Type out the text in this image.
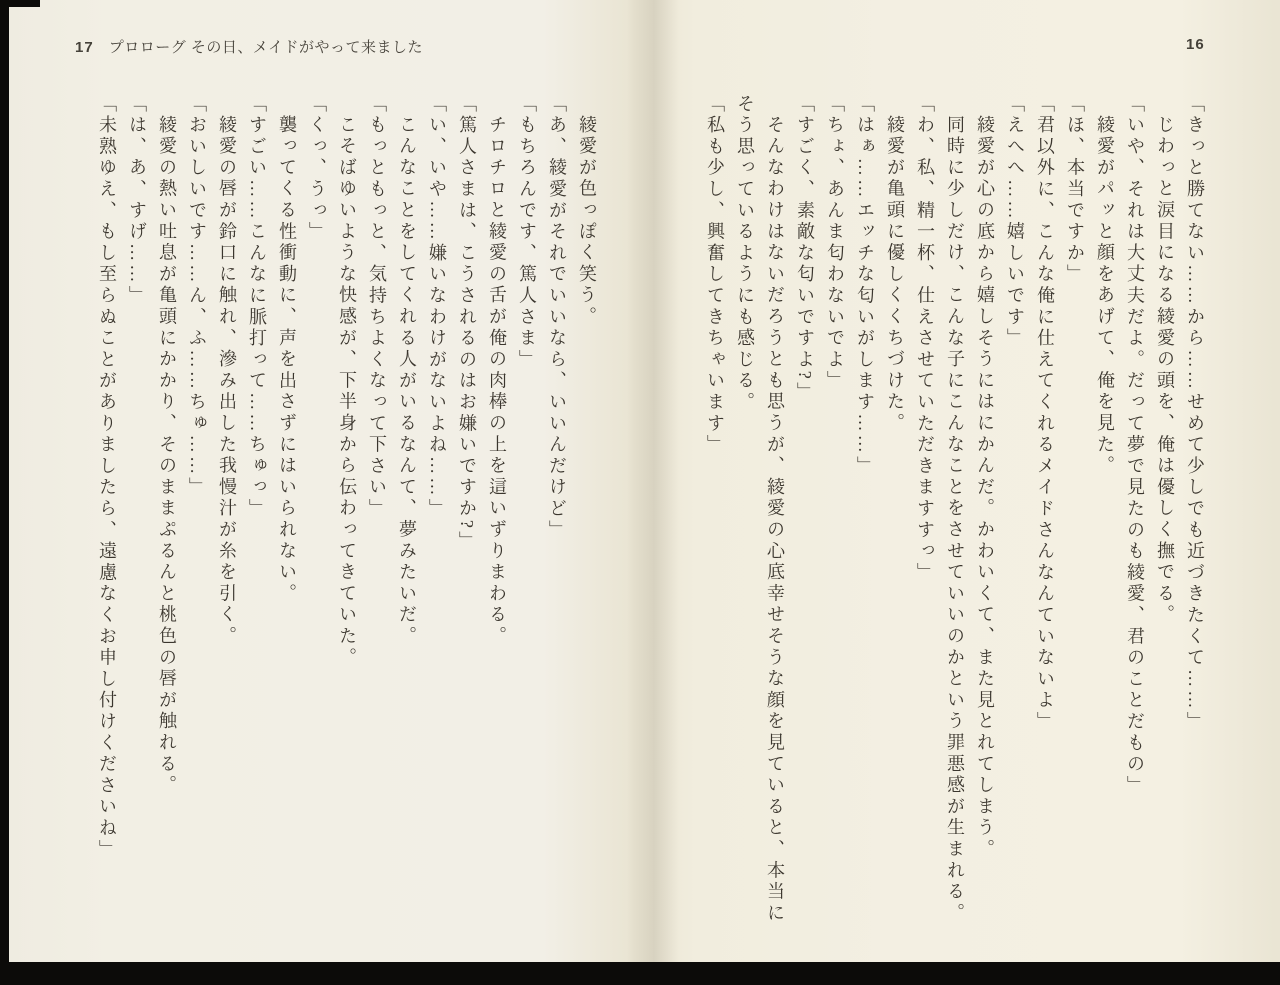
16

「きっと勝てない……から……せめて少しでも近づきたくて……」

じわっと涙目になる綾愛の頭を、俺は優しく撫でる。

「いや、それは大丈夫だよ。だって夢で見たのも綾愛、君のことだもの」

綾愛がパッと顔をあげて、俺を見た。

「ほ、本当ですか」

「君以外に、こんな俺に仕えてくれるメイドさんなんていないよ」

「えへへ……嬉しいです」

綾愛が心の底から嬉しそうにはにかんだ。かわいくて、また見とれてしまう。

同時に少しだけ、こんな子にこんなことをさせていいのかという罪悪感が生まれる。

「わ、私、精一杯、仕えさせていただきますすっ」

綾愛が亀頭に優しくくちづけた。

「はぁ……エッチな匂いがします……」

「ちょ、あんま匂わないでよ」

「すごく、素敵な匂いですよ?」

そんなわけはないだろうとも思うが、綾愛の心底幸せそうな顔を見ていると、本当にそう思っているようにも感じる。

「私も少し、興奮してきちゃいます」

17 プロローグ その日、メイドがやって来ました

綾愛が色っぽく笑う。

「あ、綾愛がそれでいいなら、いいんだけど」

「もちろんです、篤人さま」

チロチロと綾愛の舌が俺の肉棒の上を這いずりまわる。

「篤人さまは、こうされるのはお嫌いですか?」

「い、いや……嫌いなわけがないよね……」

こんなことをしてくれる人がいるなんて、夢みたいだ。

「もっともっと、気持ちよくなって下さい」

こそばゆいような快感が、下半身から伝わってきていた。

「くっ、うっ」

襲ってくる性衝動に、声を出さずにはいられない。

「すごい……こんなに脈打って……ちゅっ」

綾愛の唇が鈴口に触れ、滲み出した我慢汁が糸を引く。

「おいしいです……ん、ふ……ちゅ……」

綾愛の熱い吐息が亀頭にかかり、そのままぷるんと桃色の唇が触れる。

「は、あ、すげ……」

「未熟ゆえ、もし至らぬことがありましたら、遠慮なくお申し付けくださいね」
